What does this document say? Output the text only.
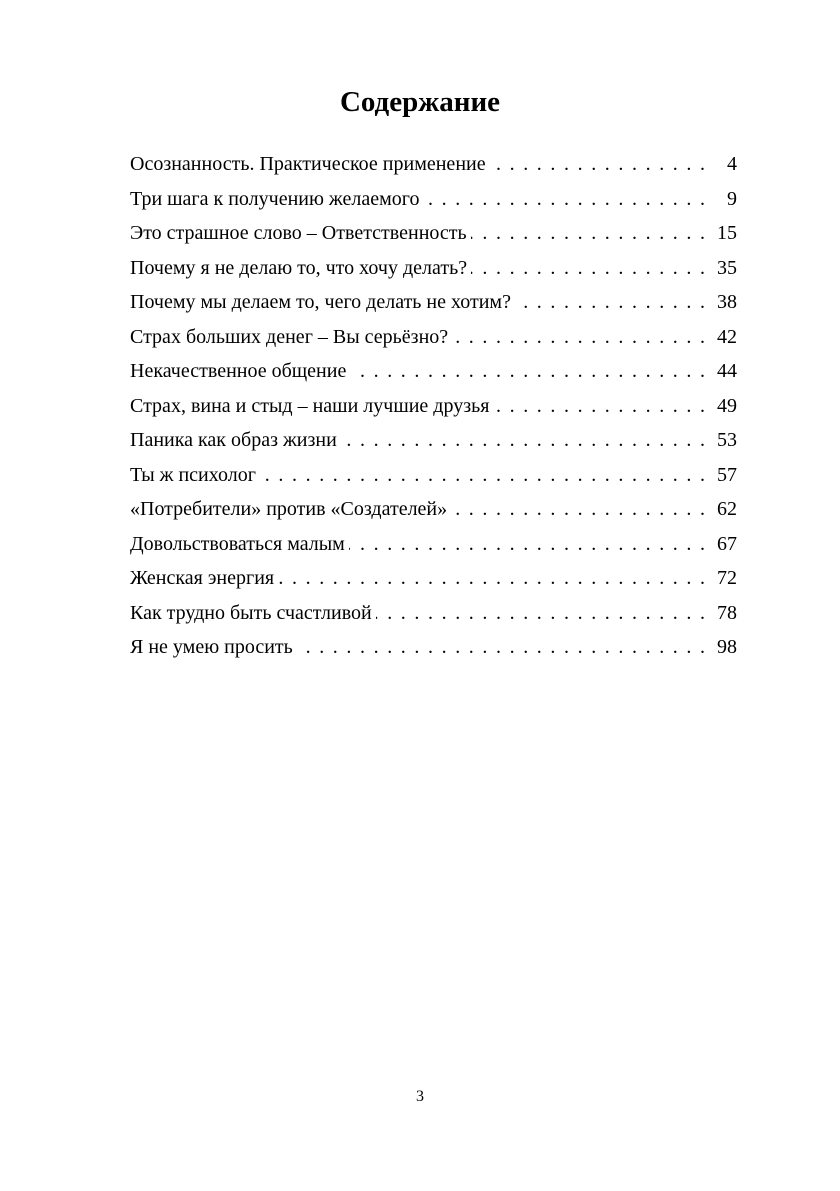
Содержание
Осознанность. Практическое применение . . .	4
Три шага к получению желаемого . . .	9
Это страшное слово – Ответственность . . .	15
Почему я не делаю то, что хочу делать? . . .	35
Почему мы делаем то, чего делать не хотим? . . .	38
Страх больших денег – Вы серьёзно? . . .	42
Некачественное общение . . .	44
Страх, вина и стыд – наши лучшие друзья . . .	49
Паника как образ жизни . . .	53
Ты ж психолог . . .	57
«Потребители» против «Создателей» . . .	62
Довольствоваться малым . . .	67
Женская энергия . . .	72
Как трудно быть счастливой . . .	78
Я не умею просить . . .	98
3
